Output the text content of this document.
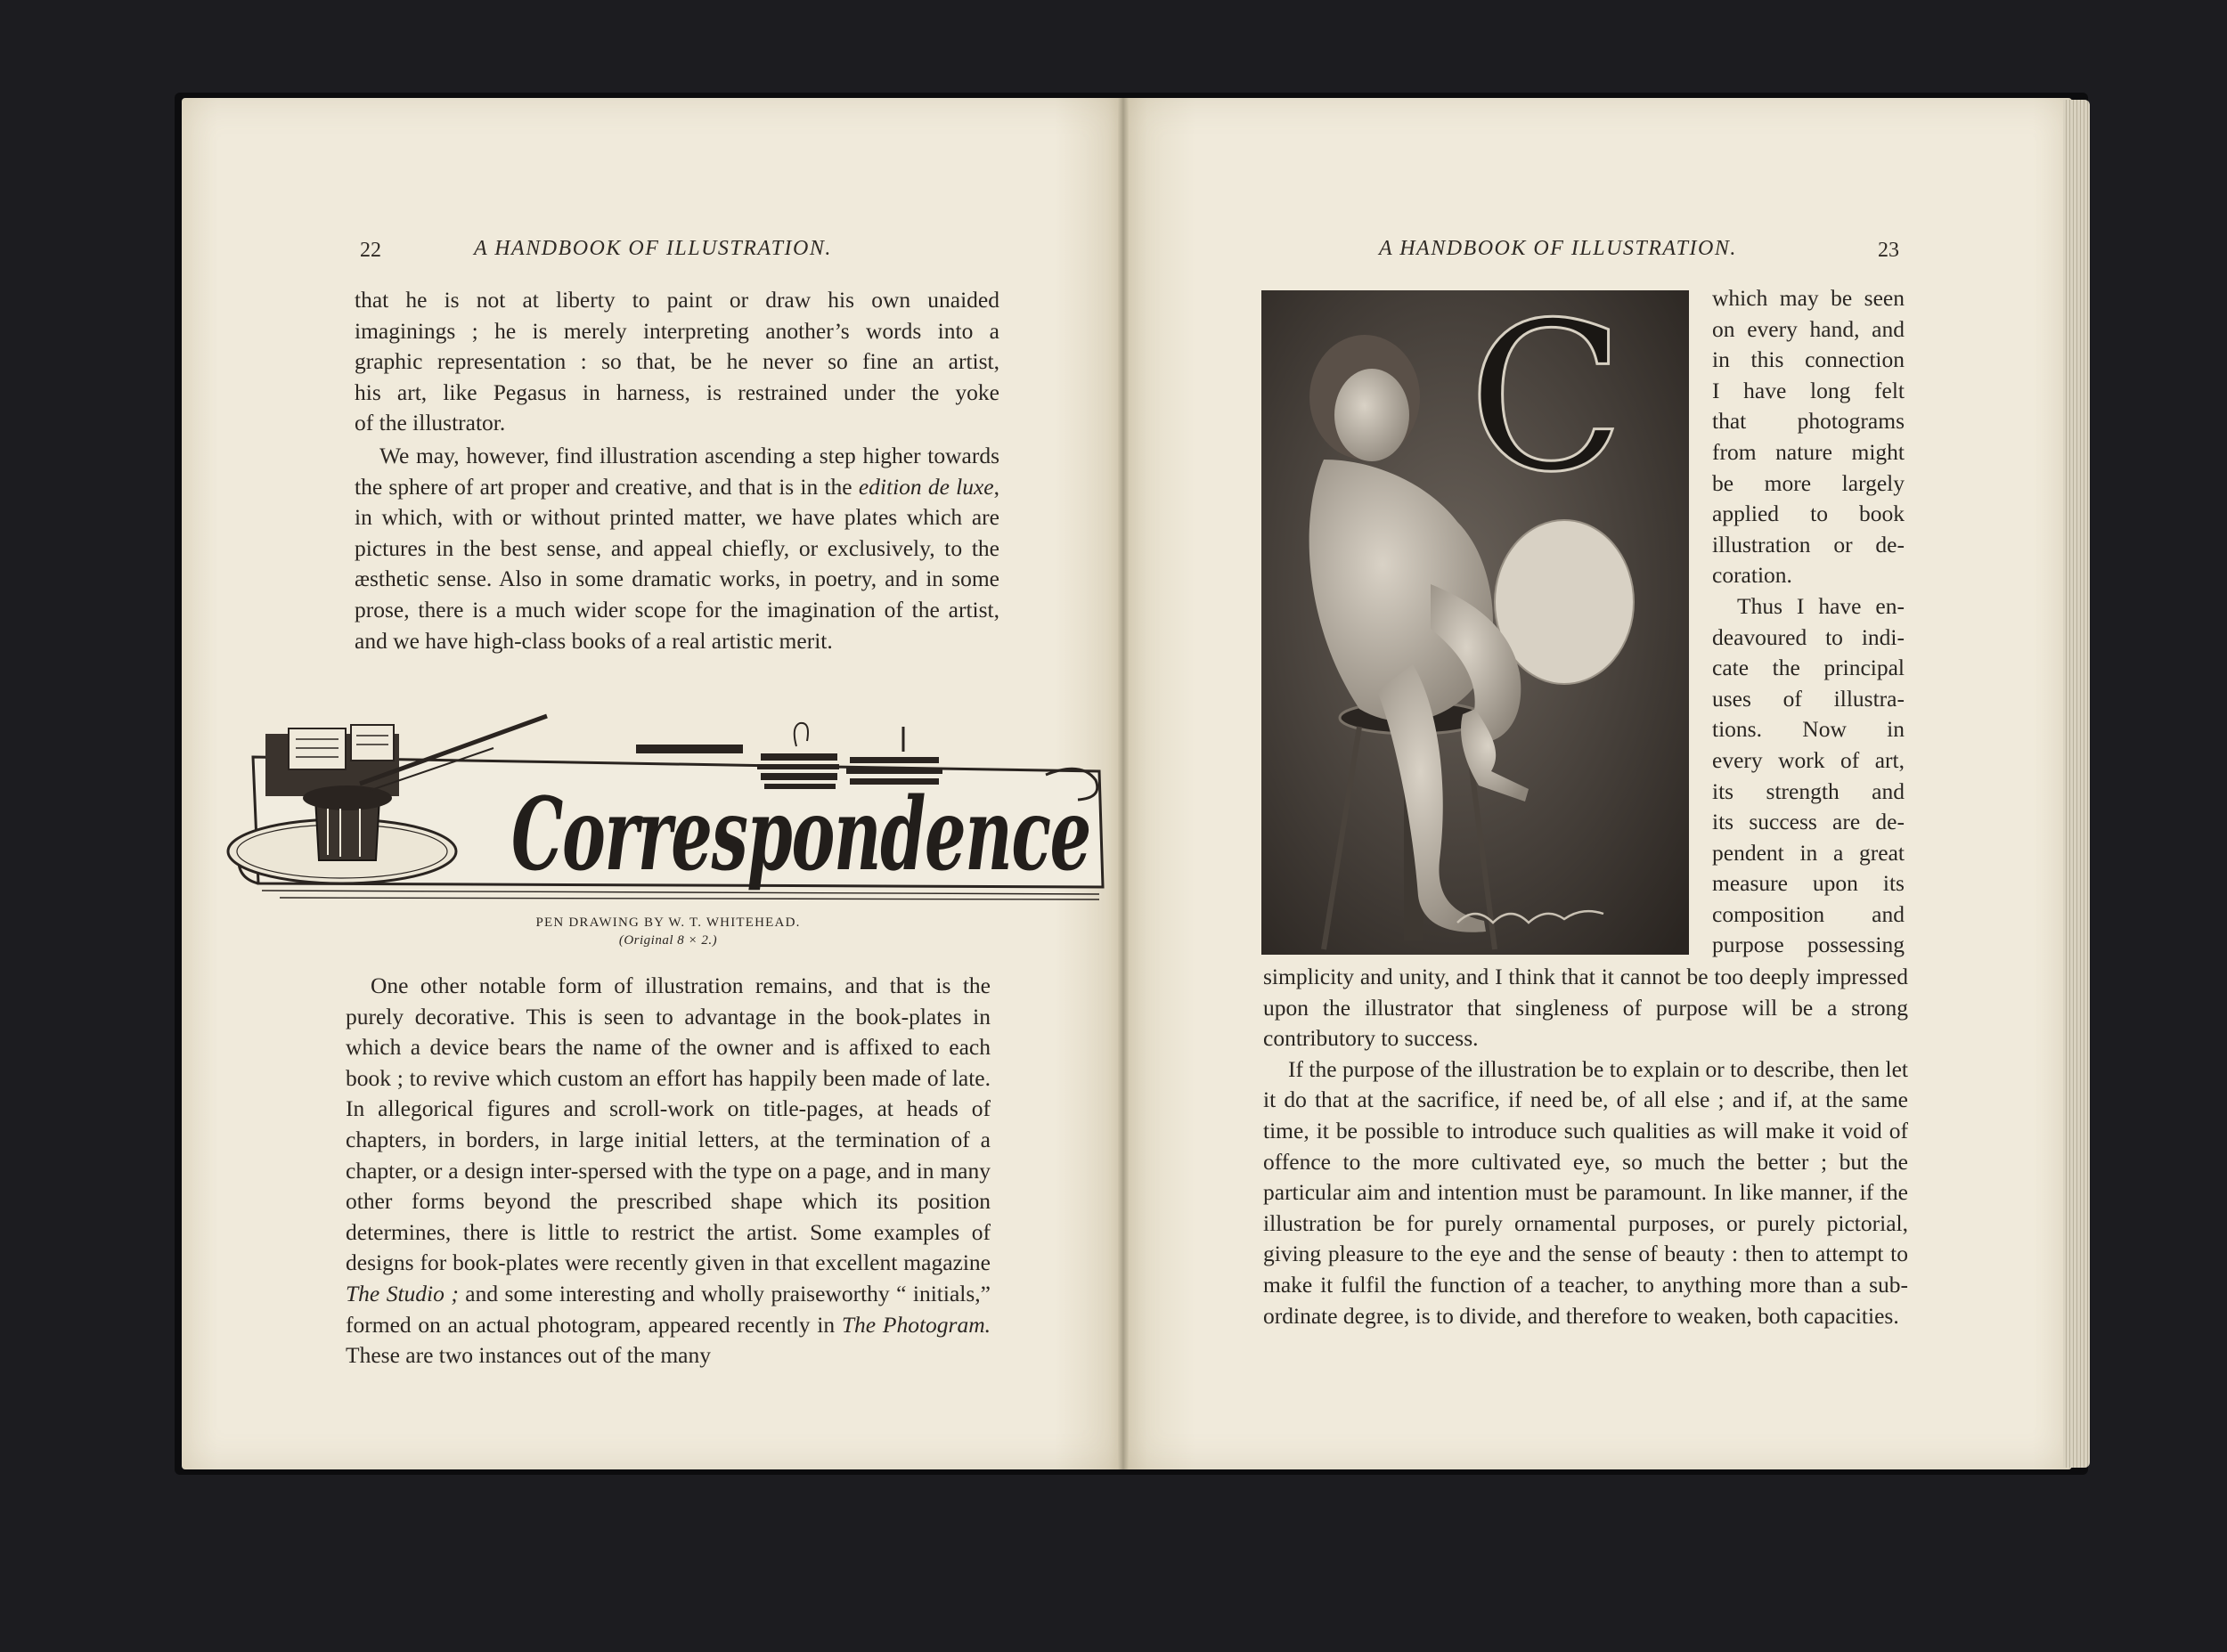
22	A HANDBOOK OF ILLUSTRATION.

that he is not at liberty to paint or draw his own unaided

imaginings ; he is merely interpreting another’s words into a

graphic representation : so that, be he never so fine an artist,

his art, like Pegasus in harness, is restrained under the yoke

of the illustrator.

We may, however, find illustration ascending a step higher towards the sphere of art proper and creative, and that is in the edition de luxe, in which, with or without printed matter, we have plates which are pictures in the best sense, and appeal chiefly, or exclusively, to the æsthetic sense. Also in some dramatic works, in poetry, and in some prose, there is a much wider scope for the imagination of the artist, and we have high-class books of a real artistic merit.

Correspondence
PEN DRAWING BY W. T. WHITEHEAD.
(Original 8 × 2.)

One other notable form of illustration remains, and that is the purely decorative. This is seen to advantage in the book-plates in which a device bears the name of the owner and is affixed to each book ; to revive which custom an effort has happily been made of late. In allegorical figures and scroll-work on title-pages, at heads of chapters, in borders, in large initial letters, at the termination of a chapter, or a design inter-spersed with the type on a page, and in many other forms beyond the prescribed shape which its position determines, there is little to restrict the artist. Some examples of designs for book-plates were recently given in that excellent magazine The Studio ; and some interesting and wholly praiseworthy “ initials,” formed on an actual photogram, appeared recently in The Photogram. These are two instances out of the many

A HANDBOOK OF ILLUSTRATION.	23
C	which may be seen

on every hand, and

in this connection

I have long felt

that photograms

from nature might

be more largely

applied to book

illustration or de-

coration.

Thus I have en-

deavoured to indi-

cate the principal

uses of illustra-

tions. Now in

every work of art,

its strength and

its success are de-

pendent in a great

measure upon its

composition and

purpose possessing

simplicity and unity, and I think that it cannot be too deeply impressed upon the illustrator that singleness of purpose will be a strong contributory to success.

If the purpose of the illustration be to explain or to describe, then let it do that at the sacrifice, if need be, of all else ; and if, at the same time, it be possible to introduce such qualities as will make it void of offence to the more cultivated eye, so much the better ; but the particular aim and intention must be paramount. In like manner, if the illustration be for purely ornamental purposes, or purely pictorial, giving pleasure to the eye and the sense of beauty : then to attempt to make it fulfil the function of a teacher, to anything more than a sub-ordinate degree, is to divide, and therefore to weaken, both capacities.
